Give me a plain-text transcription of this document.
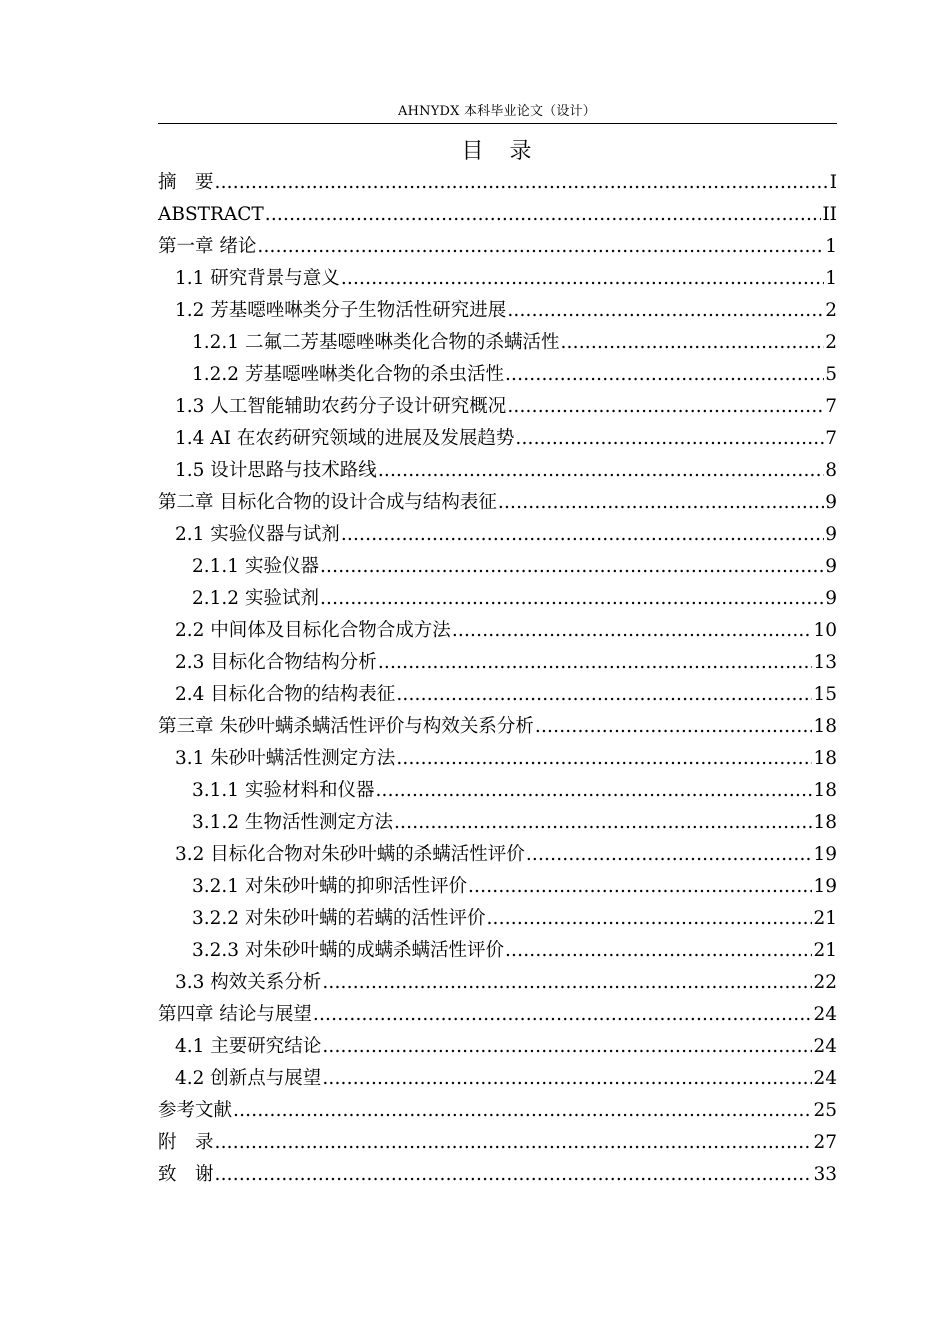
AHNYDX 本科毕业论文（设计）
目　录
摘　要 .....	I
ABSTRACT .....	II
第一章 绪论 .....	1
1.1 研究背景与意义 .....	1
1.2 芳基噁唑啉类分子生物活性研究进展 .....	2
1.2.1 二氟二芳基噁唑啉类化合物的杀螨活性 .....	2
1.2.2 芳基噁唑啉类化合物的杀虫活性 .....	5
1.3 人工智能辅助农药分子设计研究概况 .....	7
1.4 AI 在农药研究领域的进展及发展趋势 .....	7
1.5 设计思路与技术路线 .....	8
第二章 目标化合物的设计合成与结构表征 .....	9
2.1 实验仪器与试剂 .....	9
2.1.1 实验仪器 .....	9
2.1.2 实验试剂 .....	9
2.2 中间体及目标化合物合成方法 .....	10
2.3 目标化合物结构分析 .....	13
2.4 目标化合物的结构表征 .....	15
第三章 朱砂叶螨杀螨活性评价与构效关系分析 .....	18
3.1 朱砂叶螨活性测定方法 .....	18
3.1.1 实验材料和仪器 .....	18
3.1.2 生物活性测定方法 .....	18
3.2 目标化合物对朱砂叶螨的杀螨活性评价 .....	19
3.2.1 对朱砂叶螨的抑卵活性评价 .....	19
3.2.2 对朱砂叶螨的若螨的活性评价 .....	21
3.2.3 对朱砂叶螨的成螨杀螨活性评价 .....	21
3.3 构效关系分析 .....	22
第四章 结论与展望 .....	24
4.1 主要研究结论 .....	24
4.2 创新点与展望 .....	24
参考文献 .....	25
附　录 .....	27
致　谢 .....	33
